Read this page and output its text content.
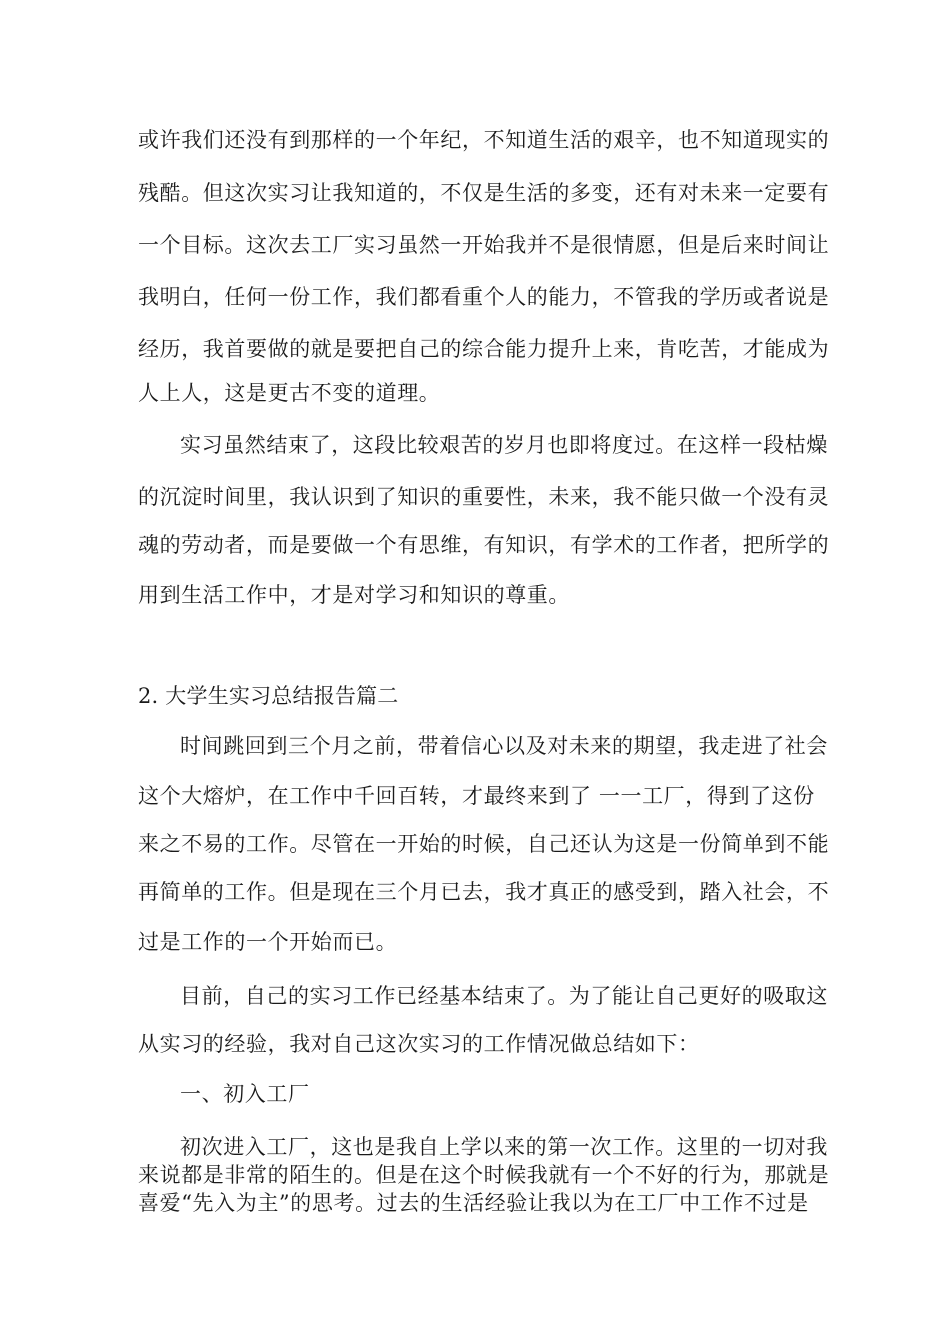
或许我们还没有到那样的一个年纪，不知道生活的艰辛，也不知道现实的
残酷。但这次实习让我知道的，不仅是生活的多变，还有对未来一定要有
一个目标。这次去工厂实习虽然一开始我并不是很情愿，但是后来时间让
我明白，任何一份工作，我们都看重个人的能力，不管我的学历或者说是
经历，我首要做的就是要把自己的综合能力提升上来，肯吃苦，才能成为
人上人，这是更古不变的道理。
实习虽然结束了，这段比较艰苦的岁月也即将度过。在这样一段枯燥
的沉淀时间里，我认识到了知识的重要性，未来，我不能只做一个没有灵
魂的劳动者，而是要做一个有思维，有知识，有学术的工作者，把所学的
用到生活工作中，才是对学习和知识的尊重。
2. 大学生实习总结报告篇二
时间跳回到三个月之前，带着信心以及对未来的期望，我走进了社会
这个大熔炉，在工作中千回百转，才最终来到了 一一工厂，得到了这份
来之不易的工作。尽管在一开始的时候，自己还认为这是一份简单到不能
再简单的工作。但是现在三个月已去，我才真正的感受到，踏入社会，不
过是工作的一个开始而已。
目前，自己的实习工作已经基本结束了。为了能让自己更好的吸取这
从实习的经验，我对自己这次实习的工作情况做总结如下：
一、初入工厂
初次进入工厂，这也是我自上学以来的第一次工作。这里的一切对我
来说都是非常的陌生的。但是在这个时候我就有一个不好的行为，那就是
喜爱“先入为主”的思考。过去的生活经验让我以为在工厂中工作不过是
